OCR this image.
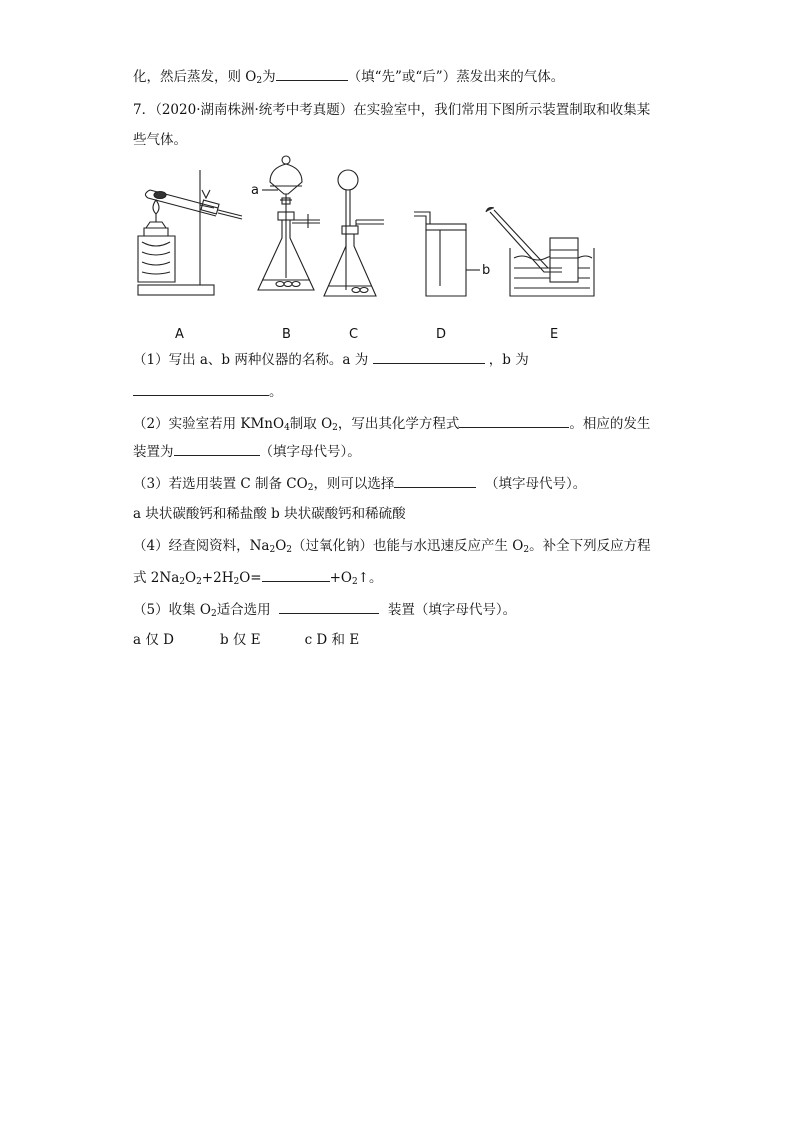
化，然后蒸发，则 $O_2$为	（填“先”或“后”）蒸发出来的气体。
7．（2020·湖南株洲·统考中考真题）在实验室中，我们常用下图所示装置制取和收集某
些气体。
a
b
A	B	C	D	E
（1）写出 a、b 两种仪器的名称。a 为	，b 为
。
（2）实验室若用 KMnO$_4$制取 $O_2$，写出其化学方程式	。相应的发生
装置为	（填字母代号）。
（3）若选用装置 C 制备 $CO_2$，则可以选择	（填字母代号）。
a 块状碳酸钙和稀盐酸 b 块状碳酸钙和稀硫酸
（4）经查阅资料，$Na_2O_2$（过氧化钠）也能与水迅速反应产生 $O_2$。补全下列反应方程
式 $2Na_2O_2+2H_2O=$	$+O_2↑$。
（5）收集 $O_2$适合选用	装置（填字母代号）。
a 仅 D	b 仅 E	c D 和 E
